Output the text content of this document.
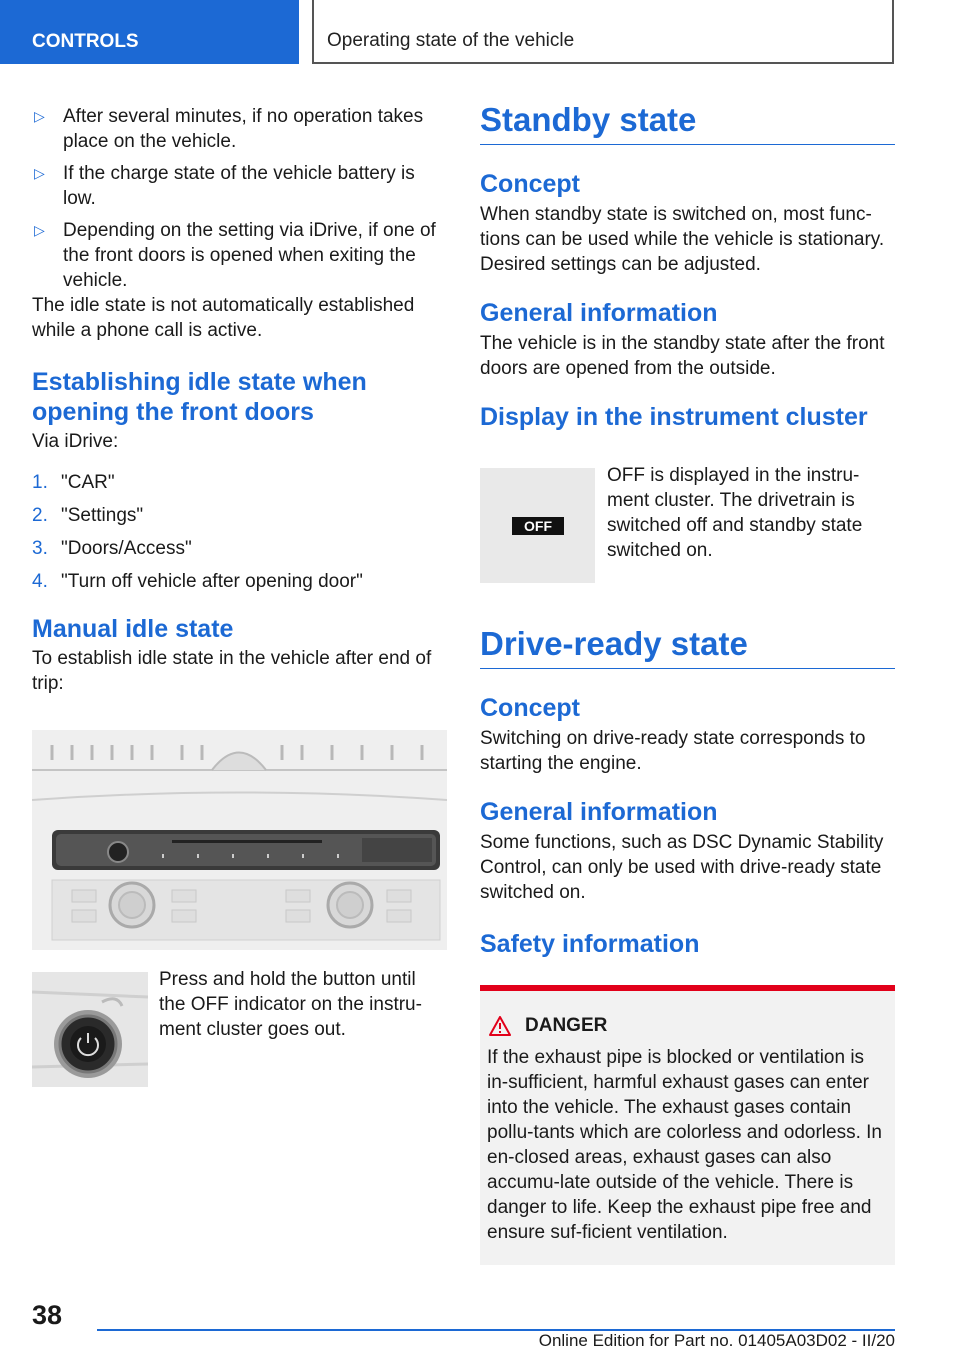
CONTROLS	Operating state of the vehicle
▷ After several minutes, if no operation takes place on the vehicle.
▷ If the charge state of the vehicle battery is low.
▷ Depending on the setting via iDrive, if one of the front doors is opened when exiting the vehicle.

The idle state is not automatically established while a phone call is active.

Establishing idle state when opening the front doors

Via iDrive:

1. "CAR"
2. "Settings"
3. "Doors/Access"
4. "Turn off vehicle after opening door"
Manual idle state

To establish idle state in the vehicle after end of trip:

Press and hold the button until the OFF indicator on the instru-ment cluster goes out.

Standby state
Concept

When standby state is switched on, most func-tions can be used while the vehicle is stationary. Desired settings can be adjusted.

General information

The vehicle is in the standby state after the front doors are opened from the outside.

Display in the instrument cluster
OFF

OFF is displayed in the instru-ment cluster. The drivetrain is switched off and standby state switched on.

Drive-ready state
Concept

Switching on drive-ready state corresponds to starting the engine.

General information

Some functions, such as DSC Dynamic Stability Control, can only be used with drive-ready state switched on.

Safety information
DANGER

If the exhaust pipe is blocked or ventilation is in-sufficient, harmful exhaust gases can enter into the vehicle. The exhaust gases contain pollu-tants which are colorless and odorless. In en-closed areas, exhaust gases can also accumu-late outside of the vehicle. There is danger to life. Keep the exhaust pipe free and ensure suf-ficient ventilation.

38
Online Edition for Part no. 01405A03D02 - II/20
